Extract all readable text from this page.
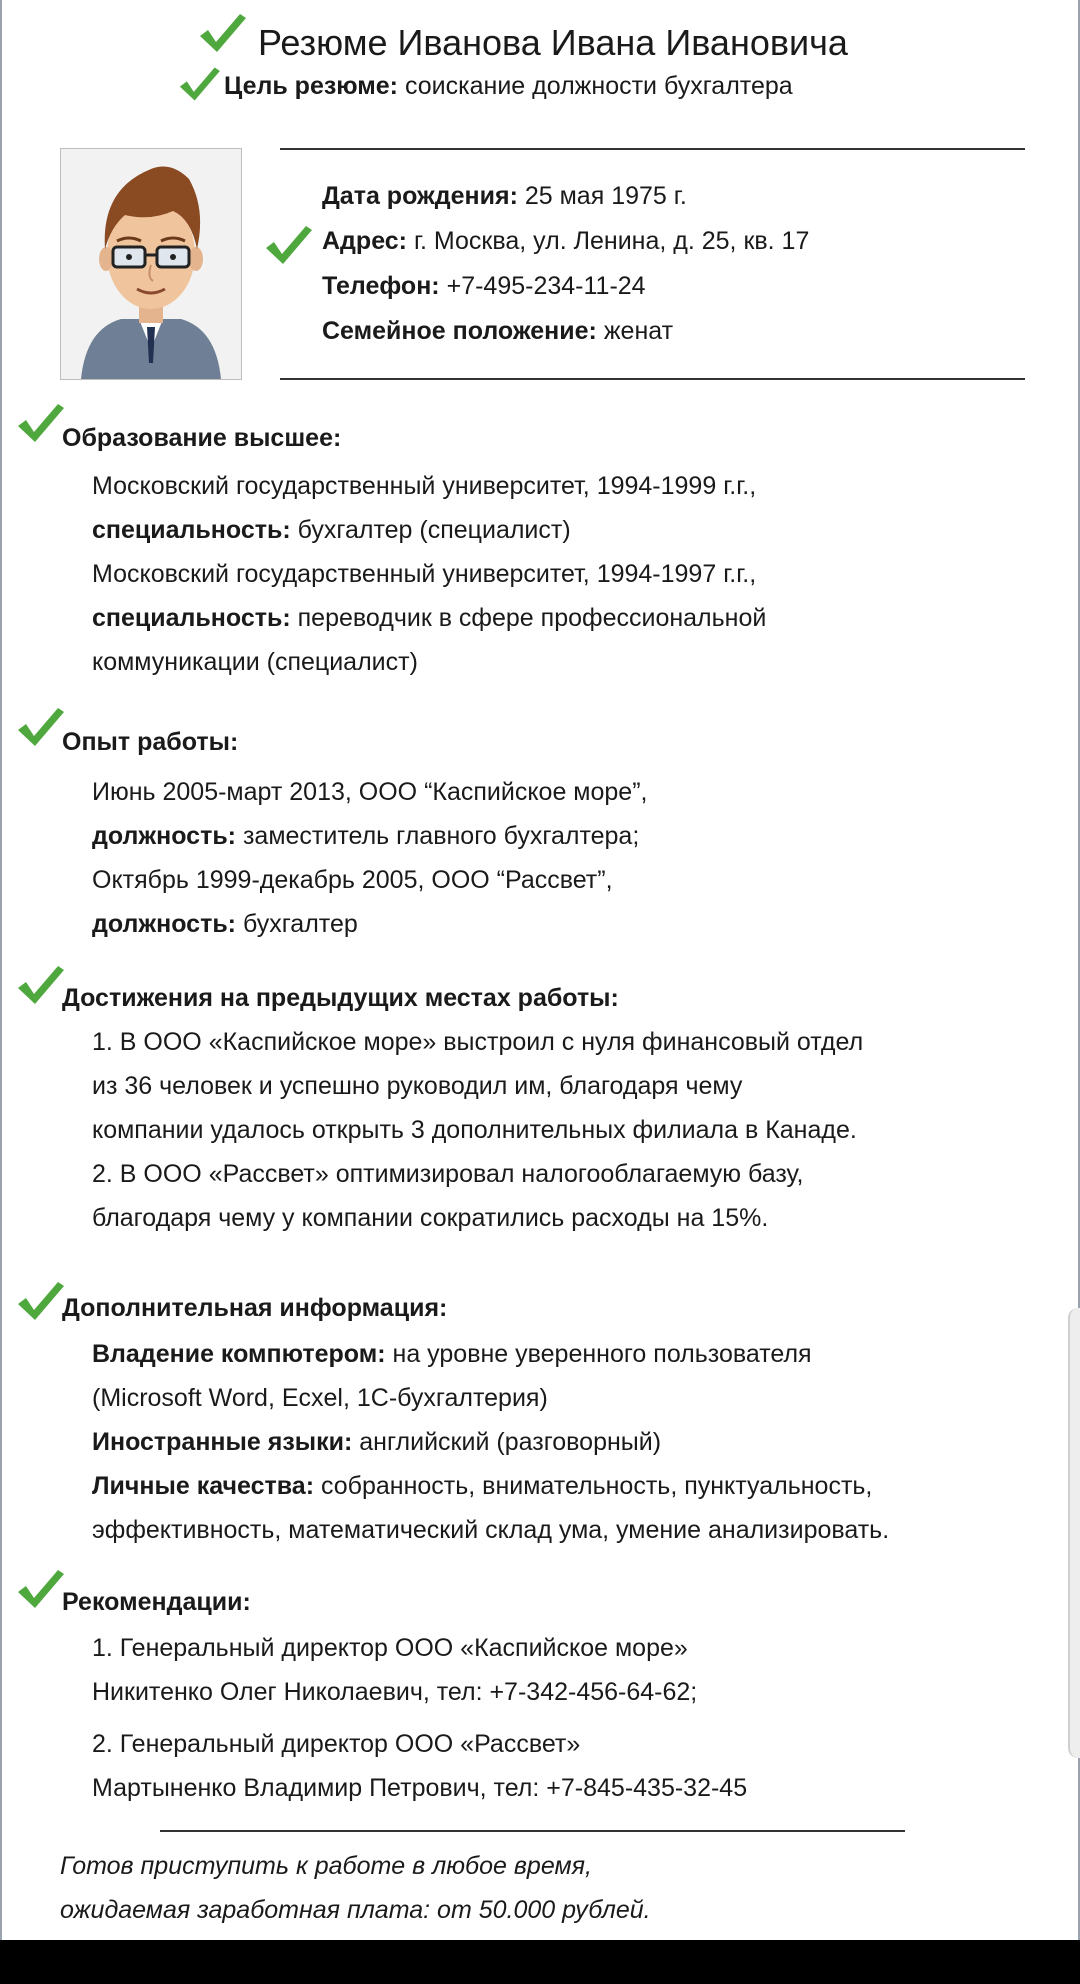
Резюме Иванова Ивана Ивановича
Цель резюме: соискание должности бухгалтера
Дата рождения: 25 мая 1975 г.
Адрес: г. Москва, ул. Ленина, д. 25, кв. 17
Телефон: +7-495-234-11-24
Семейное положение: женат
Образование высшее:
Московский государственный университет, 1994-1999 г.г.,
специальность: бухгалтер (специалист)
Московский государственный университет, 1994-1997 г.г.,
специальность: переводчик в сфере профессиональной
коммуникации (специалист)
Опыт работы:
Июнь 2005-март 2013, ООО “Каспийское море”,
должность: заместитель главного бухгалтера;
Октябрь 1999-декабрь 2005, ООО “Рассвет”,
должность: бухгалтер
Достижения на предыдущих местах работы:
1. В ООО «Каспийское море» выстроил с нуля финансовый отдел
из 36 человек и успешно руководил им, благодаря чему
компании удалось открыть 3 дополнительных филиала в Канаде.
2. В ООО «Рассвет» оптимизировал налогооблагаемую базу,
благодаря чему у компании сократились расходы на 15%.
Дополнительная информация:
Владение компютером: на уровне уверенного пользователя
(Microsoft Word, Ecxel, 1С-бухгалтерия)
Иностранные языки: английский (разговорный)
Личные качества: собранность, внимательность, пунктуальность,
эффективность, математический склад ума, умение анализировать.
Рекомендации:
1. Генеральный директор ООО «Каспийское море»
Никитенко Олег Николаевич, тел: +7-342-456-64-62;
2. Генеральный директор ООО «Рассвет»
Мартыненко Владимир Петрович, тел: +7-845-435-32-45
Готов приступить к работе в любое время,
ожидаемая заработная плата: от 50.000 рублей.
